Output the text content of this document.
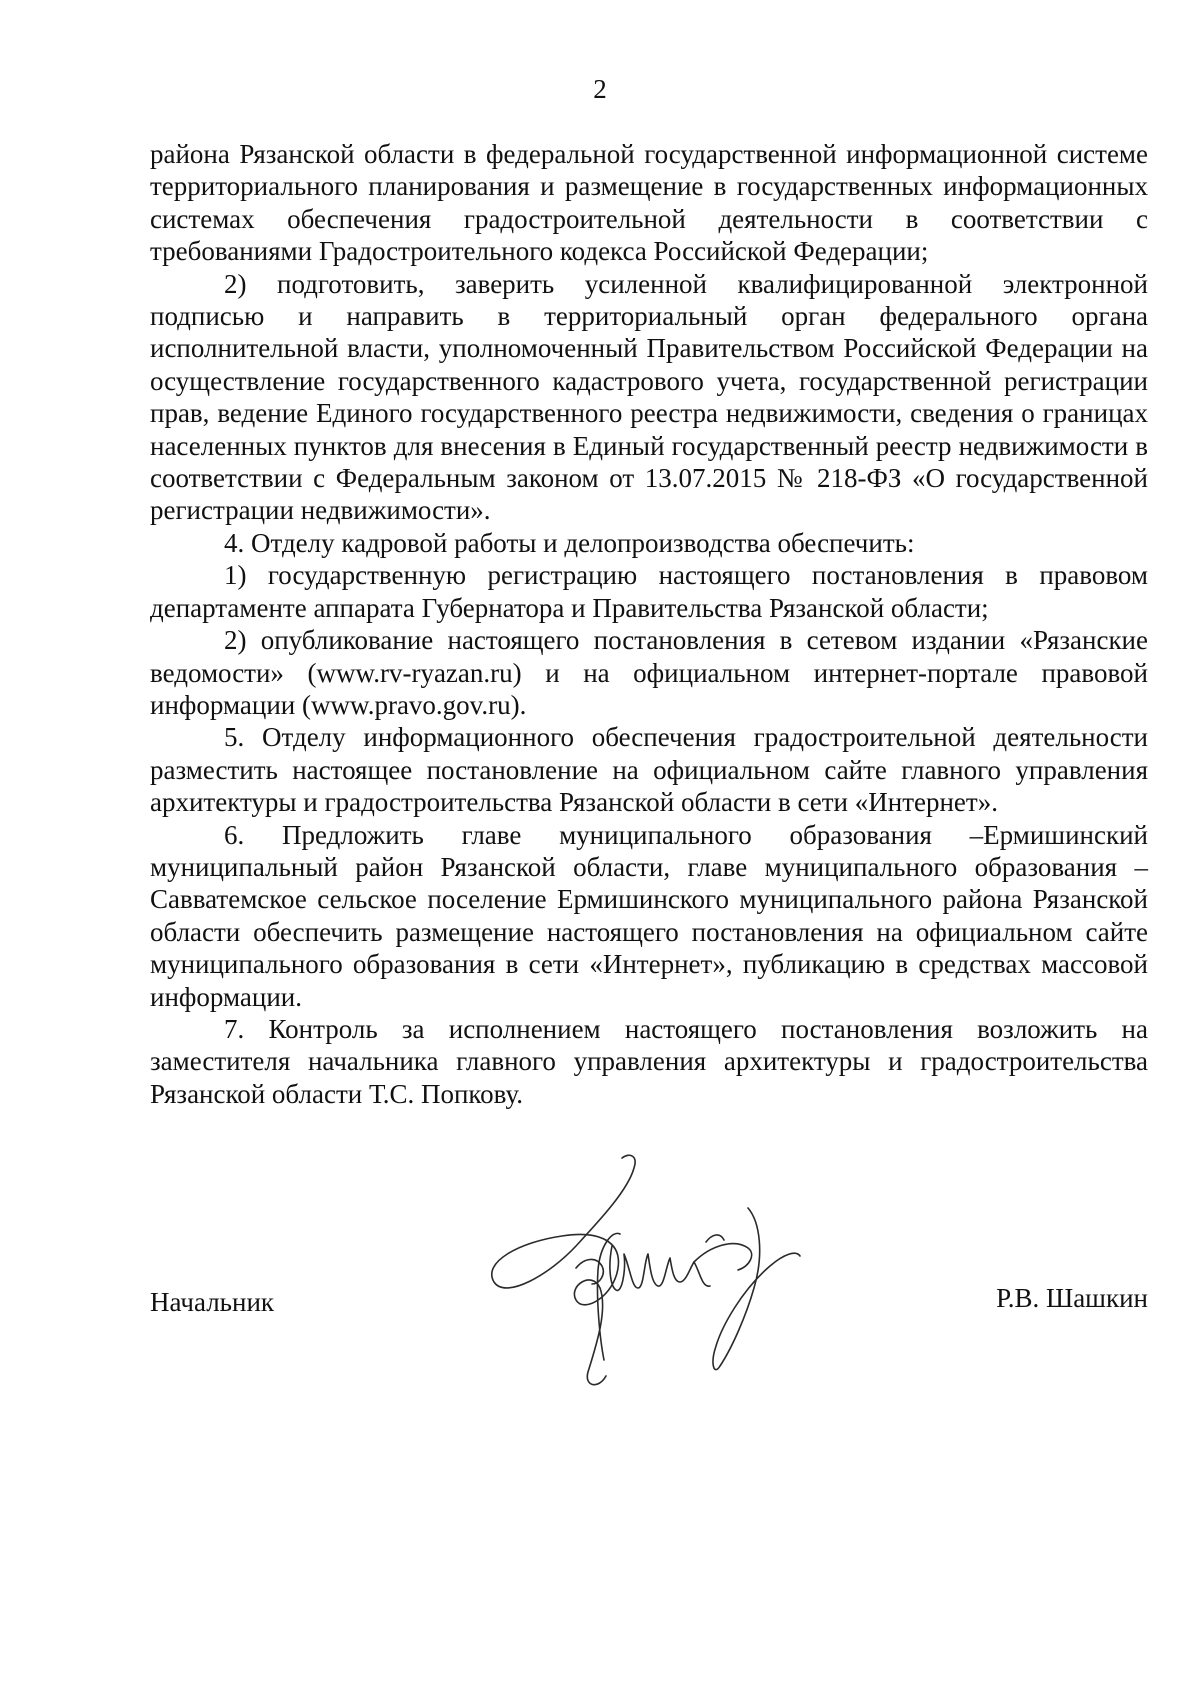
2

района Рязанской области в федеральной государственной информационной системе территориального планирования и размещение в государственных информационных системах обеспечения градостроительной деятельности в соответствии с требованиями Градостроительного кодекса Российской Федерации;

2) подготовить, заверить усиленной квалифицированной электронной подписью и направить в территориальный орган федерального органа исполнительной власти, уполномоченный Правительством Российской Федерации на осуществление государственного кадастрового учета, государственной регистрации прав, ведение Единого государственного реестра недвижимости, сведения о границах населенных пунктов для внесения в Единый государственный реестр недвижимости в соответствии с Федеральным законом от 13.07.2015 № 218-ФЗ «О государственной регистрации недвижимости».

4. Отделу кадровой работы и делопроизводства обеспечить:

1) государственную регистрацию настоящего постановления в правовом департаменте аппарата Губернатора и Правительства Рязанской области;

2) опубликование настоящего постановления в сетевом издании «Рязанские ведомости» (www.rv-ryazan.ru) и на официальном интернет-портале правовой информации (www.pravo.gov.ru).

5. Отделу информационного обеспечения градостроительной деятельности разместить настоящее постановление на официальном сайте главного управления архитектуры и градостроительства Рязанской области в сети «Интернет».

6. Предложить главе муниципального образования –Ермишинский муниципальный район Рязанской области, главе муниципального образования – Савватемское сельское поселение Ермишинского муниципального района Рязанской области обеспечить размещение настоящего постановления на официальном сайте муниципального образования в сети «Интернет», публикацию в средствах массовой информации.

7. Контроль за исполнением настоящего постановления возложить на заместителя начальника главного управления архитектуры и градостроительства Рязанской области Т.С. Попкову.

Начальник	Р.В. Шашкин
